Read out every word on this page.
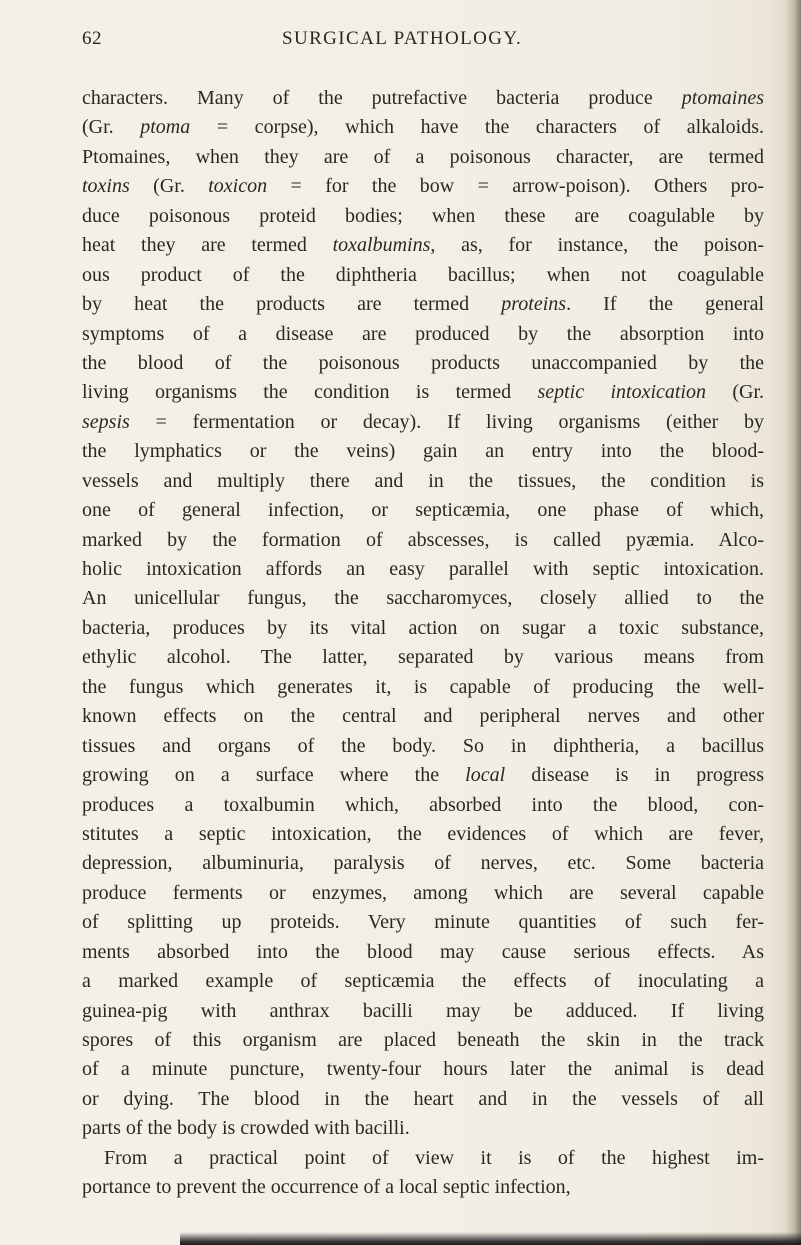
62	SURGICAL PATHOLOGY.
characters. Many of the putrefactive bacteria produce ptomaines
(Gr. ptoma = corpse), which have the characters of alkaloids.
Ptomaines, when they are of a poisonous character, are termed
toxins (Gr. toxicon = for the bow = arrow-poison). Others pro-
duce poisonous proteid bodies; when these are coagulable by
heat they are termed toxalbumins, as, for instance, the poison-
ous product of the diphtheria bacillus; when not coagulable
by heat the products are termed proteins. If the general
symptoms of a disease are produced by the absorption into
the blood of the poisonous products unaccompanied by the
living organisms the condition is termed septic intoxication (Gr.
sepsis = fermentation or decay). If living organisms (either by
the lymphatics or the veins) gain an entry into the blood-
vessels and multiply there and in the tissues, the condition is
one of general infection, or septicæmia, one phase of which,
marked by the formation of abscesses, is called pyæmia. Alco-
holic intoxication affords an easy parallel with septic intoxication.
An unicellular fungus, the saccharomyces, closely allied to the
bacteria, produces by its vital action on sugar a toxic substance,
ethylic alcohol. The latter, separated by various means from
the fungus which generates it, is capable of producing the well-
known effects on the central and peripheral nerves and other
tissues and organs of the body. So in diphtheria, a bacillus
growing on a surface where the local disease is in progress
produces a toxalbumin which, absorbed into the blood, con-
stitutes a septic intoxication, the evidences of which are fever,
depression, albuminuria, paralysis of nerves, etc. Some bacteria
produce ferments or enzymes, among which are several capable
of splitting up proteids. Very minute quantities of such fer-
ments absorbed into the blood may cause serious effects. As
a marked example of septicæmia the effects of inoculating a
guinea-pig with anthrax bacilli may be adduced. If living
spores of this organism are placed beneath the skin in the track
of a minute puncture, twenty-four hours later the animal is dead
or dying. The blood in the heart and in the vessels of all
parts of the body is crowded with bacilli.
From a practical point of view it is of the highest im-
portance to prevent the occurrence of a local septic infection,
